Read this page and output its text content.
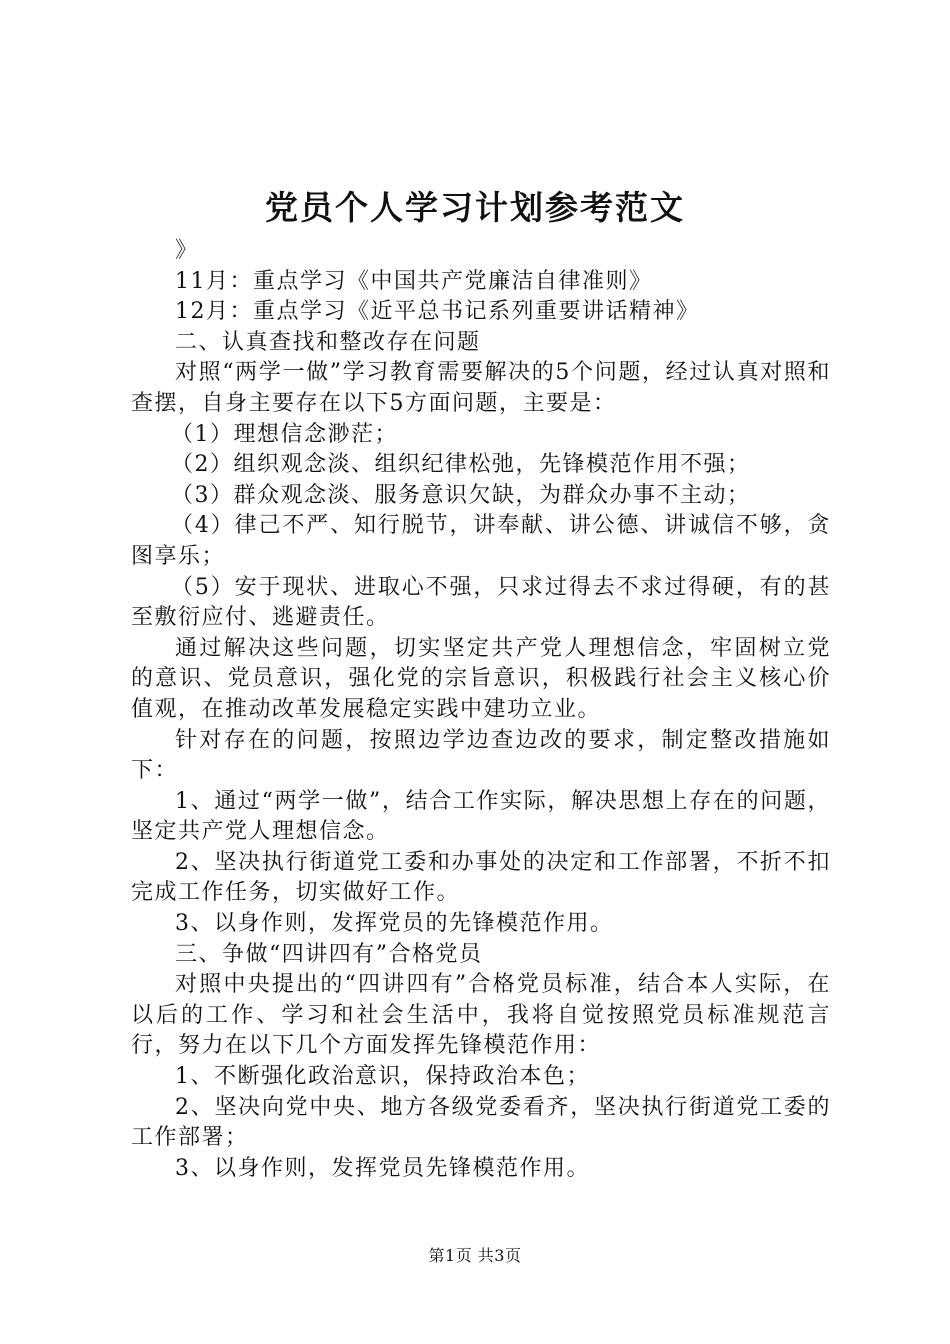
党员个人学习计划参考范文

》

11月：重点学习《中国共产党廉洁自律准则》

12月：重点学习《近平总书记系列重要讲话精神》

二、认真查找和整改存在问题

对照“两学一做”学习教育需要解决的5个问题，经过认真对照和查摆，自身主要存在以下5方面问题，主要是：

（1）理想信念渺茫；

（2）组织观念淡、组织纪律松弛，先锋模范作用不强；

（3）群众观念淡、服务意识欠缺，为群众办事不主动；

（4）律己不严、知行脱节，讲奉献、讲公德、讲诚信不够，贪图享乐；

（5）安于现状、进取心不强，只求过得去不求过得硬，有的甚至敷衍应付、逃避责任。

通过解决这些问题，切实坚定共产党人理想信念，牢固树立党的意识、党员意识，强化党的宗旨意识，积极践行社会主义核心价值观，在推动改革发展稳定实践中建功立业。

针对存在的问题，按照边学边查边改的要求，制定整改措施如下：

1、通过“两学一做”，结合工作实际，解决思想上存在的问题，坚定共产党人理想信念。

2、坚决执行街道党工委和办事处的决定和工作部署，不折不扣完成工作任务，切实做好工作。

3、以身作则，发挥党员的先锋模范作用。

三、争做“四讲四有”合格党员

对照中央提出的“四讲四有”合格党员标准，结合本人实际，在以后的工作、学习和社会生活中，我将自觉按照党员标准规范言行，努力在以下几个方面发挥先锋模范作用：

1、不断强化政治意识，保持政治本色；

2、坚决向党中央、地方各级党委看齐，坚决执行街道党工委的工作部署；

3、以身作则，发挥党员先锋模范作用。

第1页 共3页
